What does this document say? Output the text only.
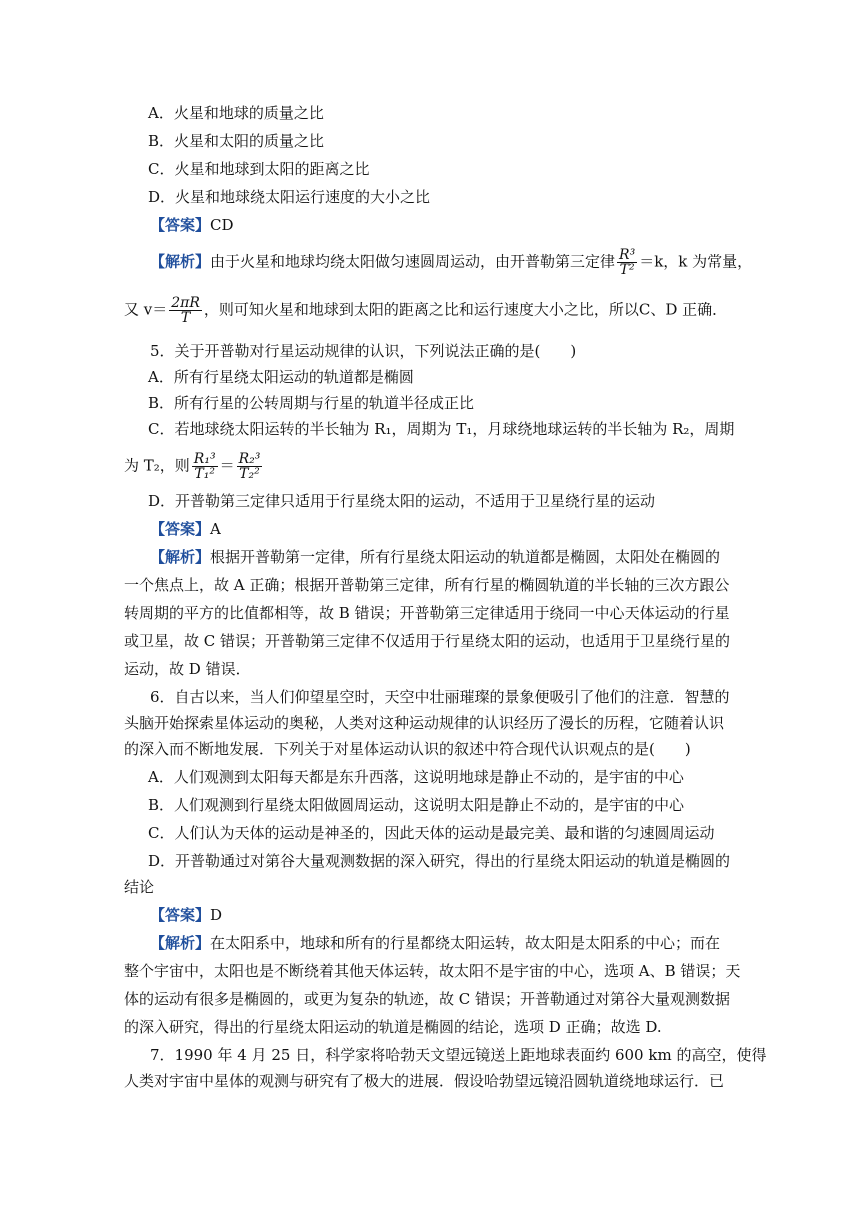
A．火星和地球的质量之比
B．火星和太阳的质量之比
C．火星和地球到太阳的距离之比
D．火星和地球绕太阳运行速度的大小之比
【答案】CD
【解析】由于火星和地球均绕太阳做匀速圆周运动，由开普勒第三定律 $\frac{\text{R³}}{\text{T²}} =k$，k 为常量，
又 $v= \frac{2\pi R}{T}$ ，则可知火星和地球到太阳的距离之比和运行速度大小之比，所以C、D 正确．
5．关于开普勒对行星运动规律的认识，下列说法正确的是(　　)
A．所有行星绕太阳运动的轨道都是椭圆
B．所有行星的公转周期与行星的轨道半径成正比
C．若地球绕太阳运转的半长轴为 R₁，周期为 T₁，月球绕地球运转的半长轴为 R₂，周期
为 T₂，则 $\frac{\text{R₁³}}{\text{T₁²}} = \frac{\text{R₂³}}{\text{T₂²}}$
D．开普勒第三定律只适用于行星绕太阳的运动，不适用于卫星绕行星的运动
【答案】A
【解析】根据开普勒第一定律，所有行星绕太阳运动的轨道都是椭圆，太阳处在椭圆的
一个焦点上，故 A 正确；根据开普勒第三定律，所有行星的椭圆轨道的半长轴的三次方跟公
转周期的平方的比值都相等，故 B 错误；开普勒第三定律适用于绕同一中心天体运动的行星
或卫星，故 C 错误；开普勒第三定律不仅适用于行星绕太阳的运动，也适用于卫星绕行星的
运动，故 D 错误．
6．自古以来，当人们仰望星空时，天空中壮丽璀璨的景象便吸引了他们的注意．智慧的
头脑开始探索星体运动的奥秘，人类对这种运动规律的认识经历了漫长的历程，它随着认识
的深入而不断地发展．下列关于对星体运动认识的叙述中符合现代认识观点的是(　　)
A．人们观测到太阳每天都是东升西落，这说明地球是静止不动的，是宇宙的中心
B．人们观测到行星绕太阳做圆周运动，这说明太阳是静止不动的，是宇宙的中心
C．人们认为天体的运动是神圣的，因此天体的运动是最完美、最和谐的匀速圆周运动
D．开普勒通过对第谷大量观测数据的深入研究，得出的行星绕太阳运动的轨道是椭圆的
结论
【答案】D
【解析】在太阳系中，地球和所有的行星都绕太阳运转，故太阳是太阳系的中心；而在
整个宇宙中，太阳也是不断绕着其他天体运转，故太阳不是宇宙的中心，选项 A、B 错误；天
体的运动有很多是椭圆的，或更为复杂的轨迹，故 C 错误；开普勒通过对第谷大量观测数据
的深入研究，得出的行星绕太阳运动的轨道是椭圆的结论，选项 D 正确；故选 D.
7．1990 年 4 月 25 日，科学家将哈勃天文望远镜送上距地球表面约 600 km 的高空，使得
人类对宇宙中星体的观测与研究有了极大的进展．假设哈勃望远镜沿圆轨道绕地球运行．已
